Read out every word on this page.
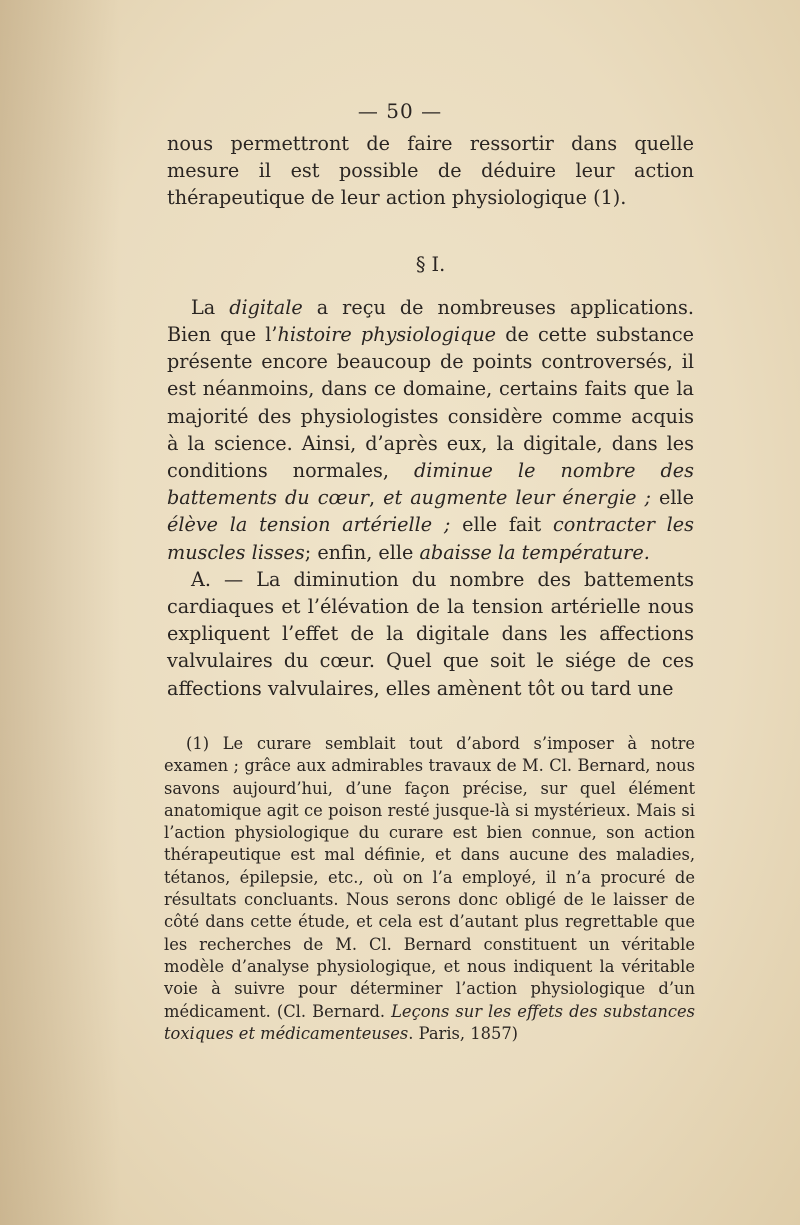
— 50 —

nous permettront de faire ressortir dans quelle mesure il est possible de déduire leur action thérapeutique de leur action physiologique (1).

§ I.

La digitale a reçu de nombreuses applications. Bien que l’histoire physiologique de cette substance présente encore beaucoup de points controversés, il est néanmoins, dans ce domaine, certains faits que la majorité des physiologistes considère comme acquis à la science. Ainsi, d’après eux, la digitale, dans les conditions normales, diminue le nombre des battements du cœur, et augmente leur énergie ; elle élève la tension artérielle ; elle fait contracter les muscles lisses; enfin, elle abaisse la température.

A. — La diminution du nombre des battements cardiaques et l’élévation de la tension artérielle nous expliquent l’effet de la digitale dans les affections valvulaires du cœur. Quel que soit le siége de ces affections valvulaires, elles amènent tôt ou tard une

(1) Le curare semblait tout d’abord s’imposer à notre examen ; grâce aux admirables travaux de M. Cl. Bernard, nous savons aujourd’hui, d’une façon précise, sur quel élément anatomique agit ce poison resté jusque-là si mystérieux. Mais si l’action physiologique du curare est bien connue, son action thérapeutique est mal définie, et dans aucune des maladies, tétanos, épilepsie, etc., où on l’a employé, il n’a procuré de résultats concluants. Nous serons donc obligé de le laisser de côté dans cette étude, et cela est d’autant plus regrettable que les recherches de M. Cl. Bernard constituent un véritable modèle d’analyse physiologique, et nous indiquent la véritable voie à suivre pour déterminer l’action physiologique d’un médicament. (Cl. Bernard. Leçons sur les effets des substances toxiques et médicamenteuses. Paris, 1857)
